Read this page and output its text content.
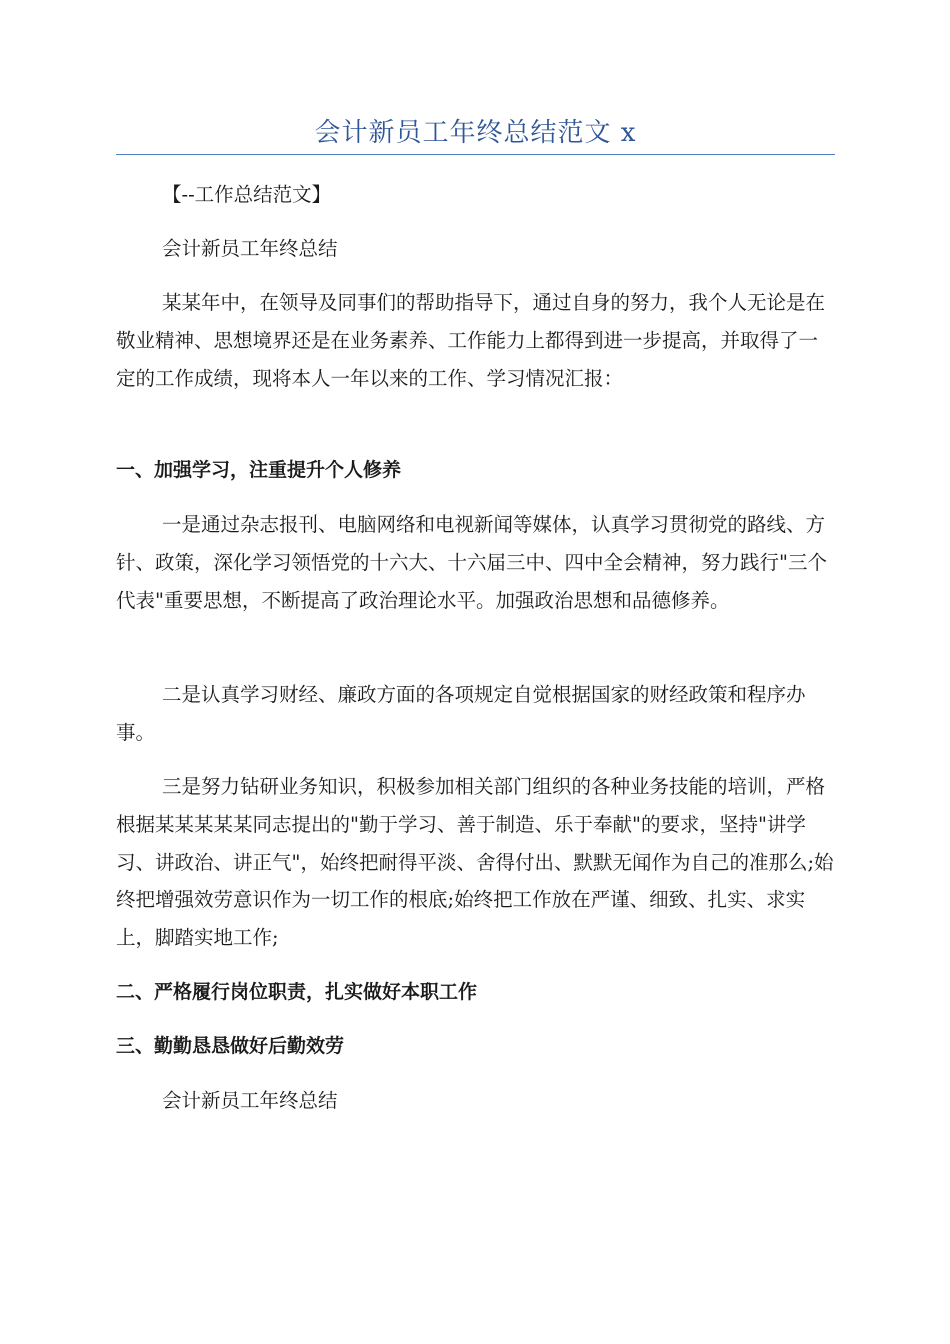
会计新员工年终总结范文 x

【--工作总结范文】

会计新员工年终总结

某某年中，在领导及同事们的帮助指导下，通过自身的努力，我个人无论是在敬业精神、思想境界还是在业务素养、工作能力上都得到进一步提高，并取得了一定的工作成绩，现将本人一年以来的工作、学习情况汇报：

一、加强学习，注重提升个人修养

一是通过杂志报刊、电脑网络和电视新闻等媒体，认真学习贯彻党的路线、方针、政策，深化学习领悟党的十六大、十六届三中、四中全会精神，努力践行"三个代表"重要思想，不断提高了政治理论水平。加强政治思想和品德修养。

二是认真学习财经、廉政方面的各项规定自觉根据国家的财经政策和程序办事。

三是努力钻研业务知识，积极参加相关部门组织的各种业务技能的培训，严格根据某某某某某同志提出的"勤于学习、善于制造、乐于奉献"的要求，坚持"讲学习、讲政治、讲正气"，始终把耐得平淡、舍得付出、默默无闻作为自己的准那么;始终把增强效劳意识作为一切工作的根底;始终把工作放在严谨、细致、扎实、求实上，脚踏实地工作;

二、严格履行岗位职责，扎实做好本职工作

三、勤勤恳恳做好后勤效劳

会计新员工年终总结
